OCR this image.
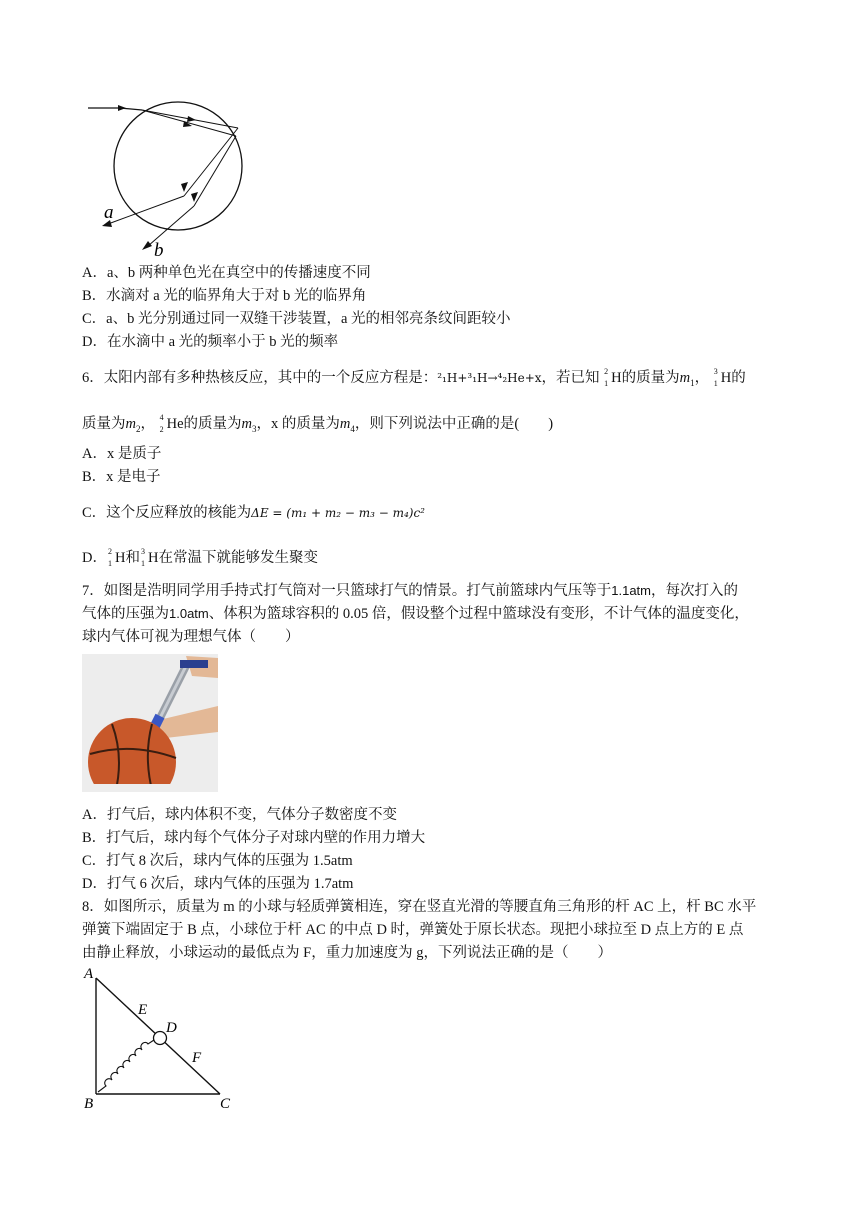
a
b
A．a、b 两种单色光在真空中的传播速度不同
B．水滴对 a 光的临界角大于对 b 光的临界角
C．a、b 光分别通过同一双缝干涉装置，a 光的相邻亮条纹间距较小
D．在水滴中 a 光的频率小于 b 光的频率
6．太阳内部有多种热核反应，其中的一个反应方程是：²₁H+³₁H→⁴₂He+x，若已知 2
1 H的质量为$m_1$， 3
1 H的
质量为$m_2$， 4
2 He的质量为$m_3$，x 的质量为$m_4$，则下列说法中正确的是(　　)
A．x 是质子
B．x 是电子
C．这个反应释放的核能为ΔE = (m₁ + m₂ − m₃ − m₄)c²
D． 2
1 H和 3
1 H在常温下就能够发生聚变
7．如图是浩明同学用手持式打气筒对一只篮球打气的情景。打气前篮球内气压等于1.1atm，每次打入的
气体的压强为1.0atm、体积为篮球容积的 0.05 倍，假设整个过程中篮球没有变形，不计气体的温度变化，
球内气体可视为理想气体（　　）
A．打气后，球内体积不变，气体分子数密度不变
B．打气后，球内每个气体分子对球内壁的作用力增大
C．打气 8 次后，球内气体的压强为 1.5atm
D．打气 6 次后，球内气体的压强为 1.7atm
8．如图所示，质量为 m 的小球与轻质弹簧相连，穿在竖直光滑的等腰直角三角形的杆 AC 上，杆 BC 水平
弹簧下端固定于 B 点，小球位于杆 AC 的中点 D 时，弹簧处于原长状态。现把小球拉至 D 点上方的 E 点
由静止释放，小球运动的最低点为 F，重力加速度为 g，下列说法正确的是（　　）
A
E
D
F
B	C
